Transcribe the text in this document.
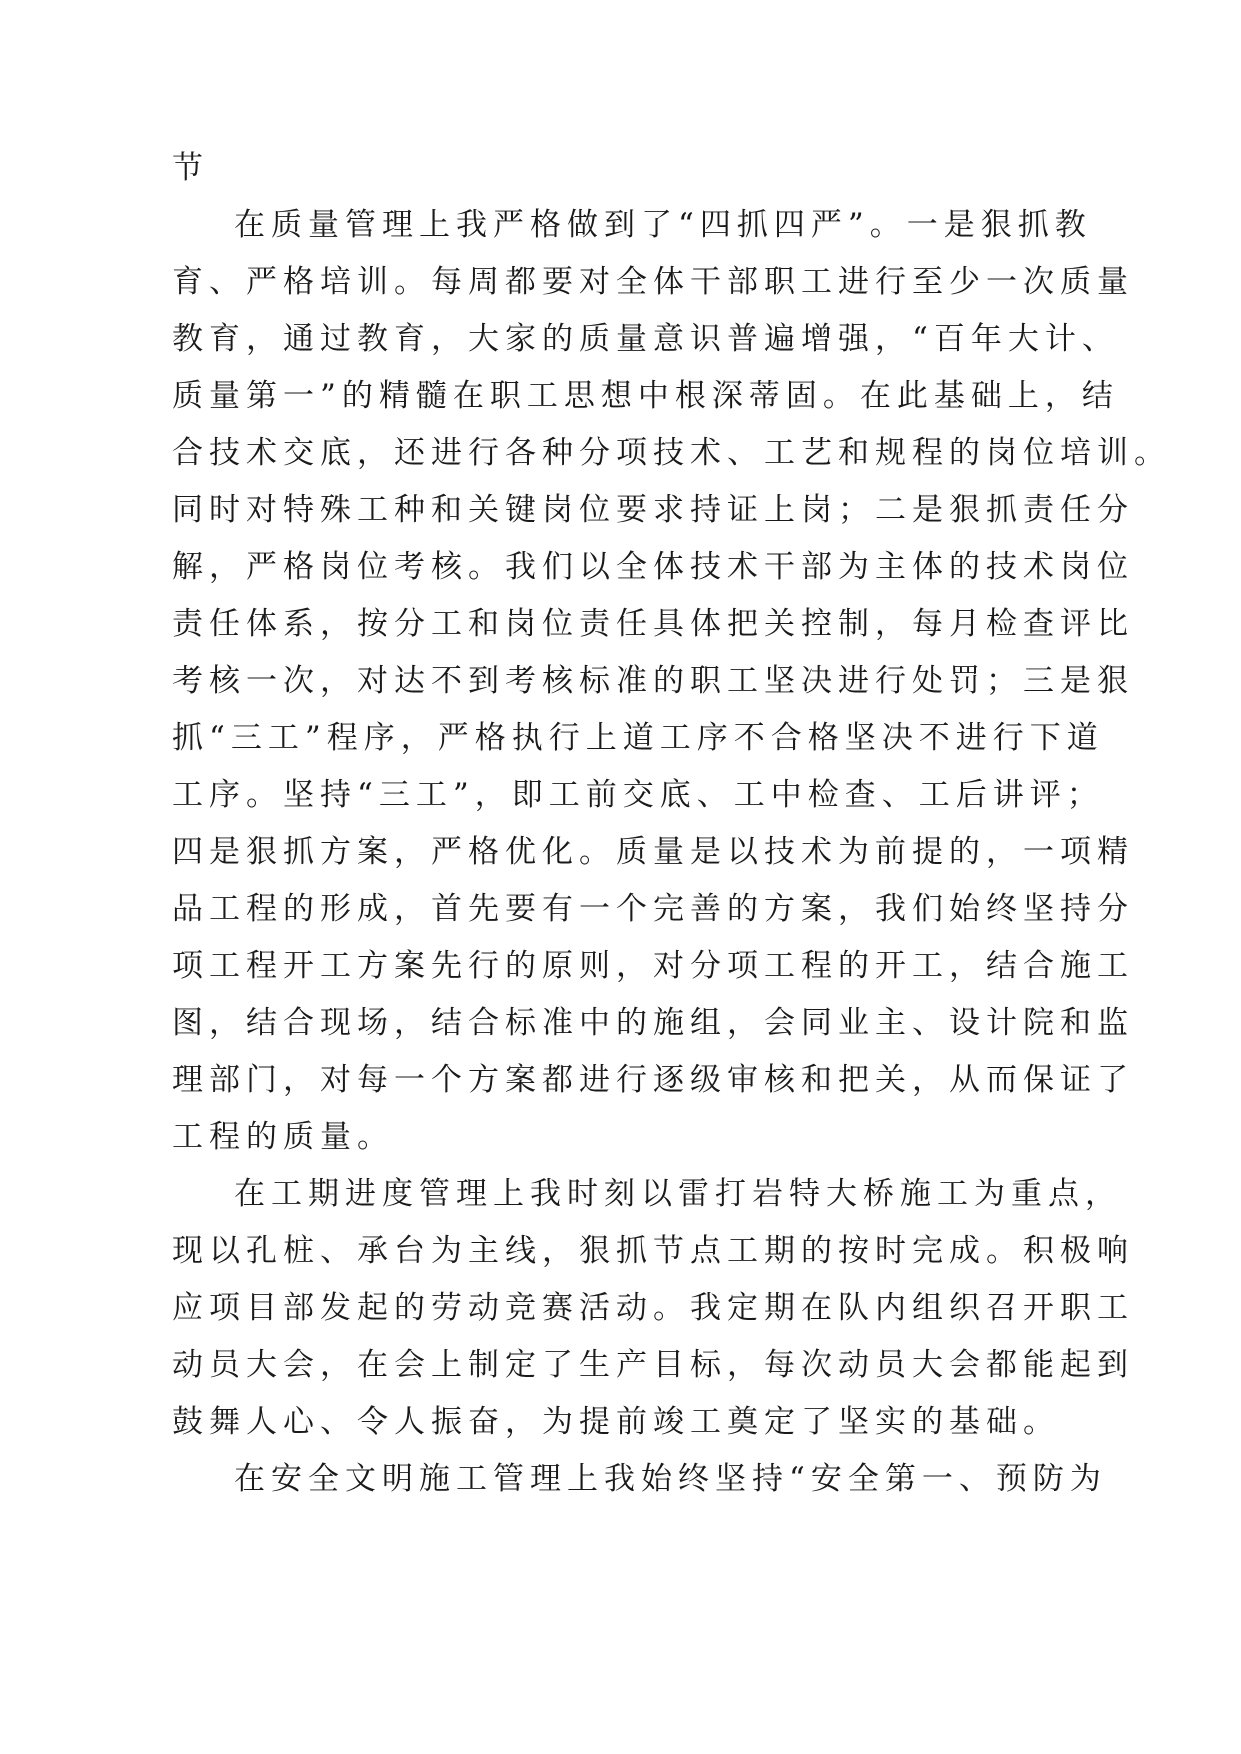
节
在质量管理上我严格做到了“四抓四严”。一是狠抓教
育、严格培训。每周都要对全体干部职工进行至少一次质量
教育，通过教育，大家的质量意识普遍增强，“百年大计、
质量第一”的精髓在职工思想中根深蒂固。在此基础上，结
合技术交底，还进行各种分项技术、工艺和规程的岗位培训。
同时对特殊工种和关键岗位要求持证上岗；二是狠抓责任分
解，严格岗位考核。我们以全体技术干部为主体的技术岗位
责任体系，按分工和岗位责任具体把关控制，每月检查评比
考核一次，对达不到考核标准的职工坚决进行处罚；三是狠
抓“三工”程序，严格执行上道工序不合格坚决不进行下道
工序。坚持“三工”，即工前交底、工中检查、工后讲评；
四是狠抓方案，严格优化。质量是以技术为前提的，一项精
品工程的形成，首先要有一个完善的方案，我们始终坚持分
项工程开工方案先行的原则，对分项工程的开工，结合施工
图，结合现场，结合标准中的施组，会同业主、设计院和监
理部门，对每一个方案都进行逐级审核和把关，从而保证了
工程的质量。
在工期进度管理上我时刻以雷打岩特大桥施工为重点，
现以孔桩、承台为主线，狠抓节点工期的按时完成。积极响
应项目部发起的劳动竞赛活动。我定期在队内组织召开职工
动员大会，在会上制定了生产目标，每次动员大会都能起到
鼓舞人心、令人振奋，为提前竣工奠定了坚实的基础。
在安全文明施工管理上我始终坚持“安全第一、预防为
